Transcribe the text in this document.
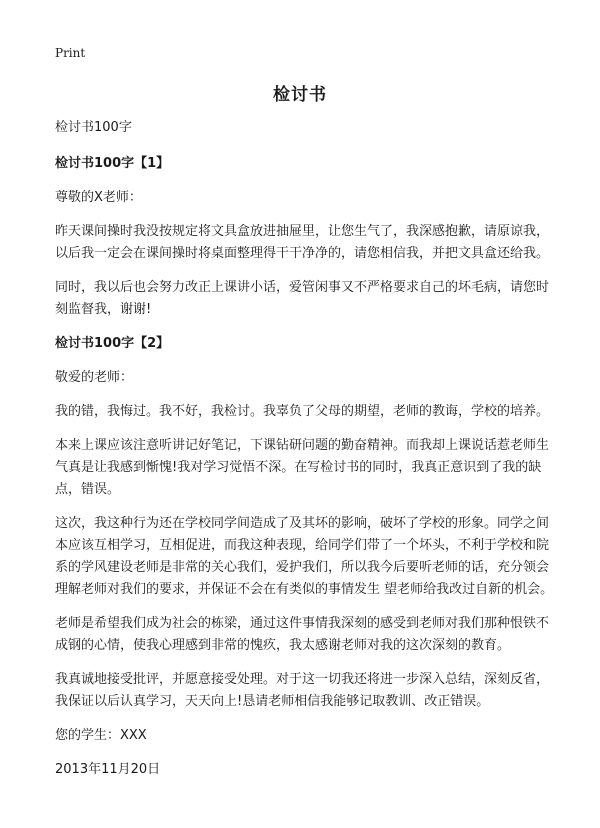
Print
检讨书

检讨书100字

检讨书100字【1】

尊敬的X老师：

昨天课间操时我没按规定将文具盒放进抽屉里，让您生气了，我深感抱歉，请原谅我，以后我一定会在课间操时将桌面整理得干干净净的，请您相信我，并把文具盒还给我。

同时，我以后也会努力改正上课讲小话，爱管闲事又不严格要求自己的坏毛病，请您时刻监督我，谢谢!

检讨书100字【2】

敬爱的老师：

我的错，我悔过。我不好，我检讨。我辜负了父母的期望，老师的教诲，学校的培养。

本来上课应该注意听讲记好笔记，下课钻研问题的勤奋精神。而我却上课说话惹老师生气真是让我感到惭愧!我对学习觉悟不深。在写检讨书的同时，我真正意识到了我的缺点，错误。

这次，我这种行为还在学校同学间造成了及其坏的影响，破坏了学校的形象。同学之间本应该互相学习，互相促进，而我这种表现，给同学们带了一个坏头，不利于学校和院系的学风建设老师是非常的关心我们，爱护我们，所以我今后要听老师的话，充分领会理解老师对我们的要求，并保证不会在有类似的事情发生 望老师给我改过自新的机会。

老师是希望我们成为社会的栋梁，通过这件事情我深刻的感受到老师对我们那种恨铁不成钢的心情，使我心理感到非常的愧疚，我太感谢老师对我的这次深刻的教育。

我真诚地接受批评，并愿意接受处理。对于这一切我还将进一步深入总结，深刻反省，我保证以后认真学习，天天向上!恳请老师相信我能够记取教训、改正错误。

您的学生：XXX

2013年11月20日
